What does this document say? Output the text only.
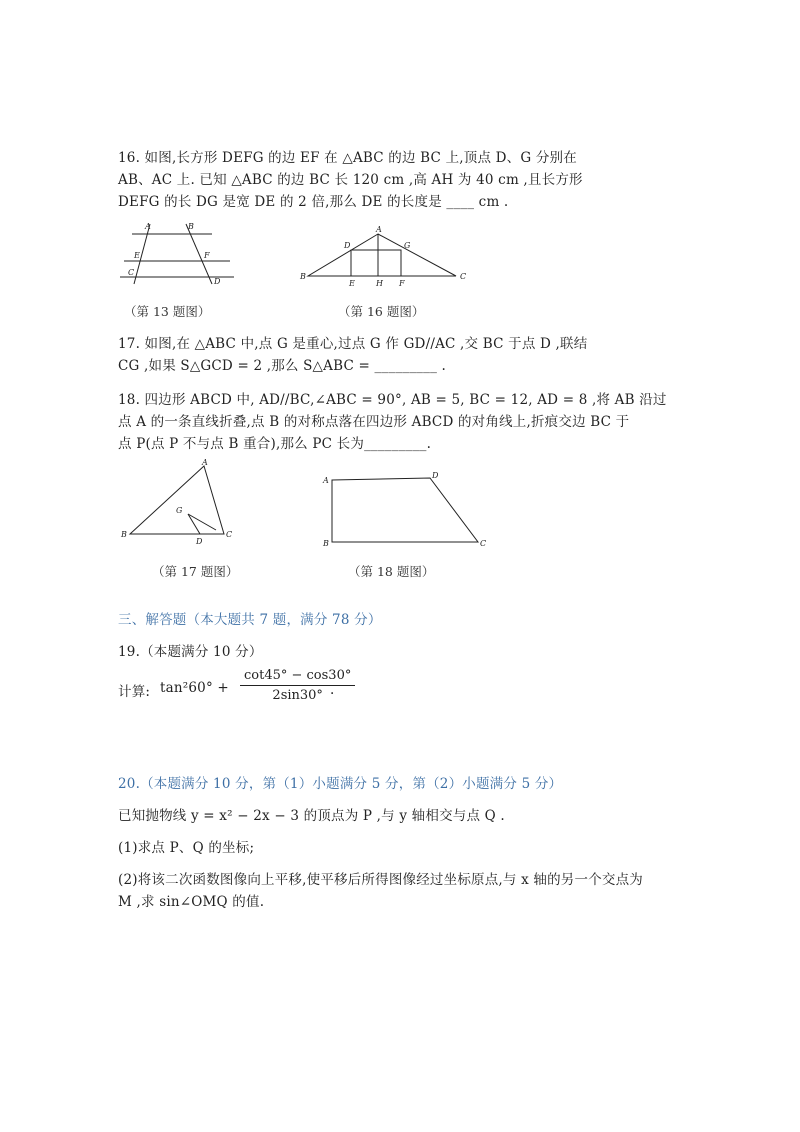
16. 如图,长方形 DEFG 的边 EF 在 △ABC 的边 BC 上,顶点 D、G 分别在
AB、AC 上. 已知 △ABC 的边 BC 长 120 cm ,高 AH 为 40 cm ,且长方形
DEFG 的长 DG 是宽 DE 的 2 倍,那么 DE 的长度是 ____ cm .
A	B
E	F
C
D
（第 13 题图）
A
D	G
B
E	H F
C
（第 16 题图）
17. 如图,在 △ABC 中,点 G 是重心,过点 G 作 GD//AC ,交 BC 于点 D ,联结
CG ,如果 S△GCD = 2 ,那么 S△ABC = _________ .
18. 四边形 ABCD 中, AD//BC,∠ABC = 90°, AB = 5, BC = 12, AD = 8 ,将 AB 沿过
点 A 的一条直线折叠,点 B 的对称点落在四边形 ABCD 的对角线上,折痕交边 BC 于
点 P(点 P 不与点 B 重合),那么 PC 长为_________.
A
G
B
D
C
（第 17 题图）
A
D
B	C
（第 18 题图）
三、解答题（本大题共 7 题，满分 78 分）
19.（本题满分 10 分）
计算: $\tan^260^\circ + \frac{\cot 45^\circ - \cos 30^\circ}{2\sin 30^\circ}$
.
20.（本题满分 10 分，第（1）小题满分 5 分，第（2）小题满分 5 分）
已知抛物线 y = x² − 2x − 3 的顶点为 P ,与 y 轴相交与点 Q .
(1)求点 P、Q 的坐标;
(2)将该二次函数图像向上平移,使平移后所得图像经过坐标原点,与 x 轴的另一个交点为
M ,求 sin∠OMQ 的值.
